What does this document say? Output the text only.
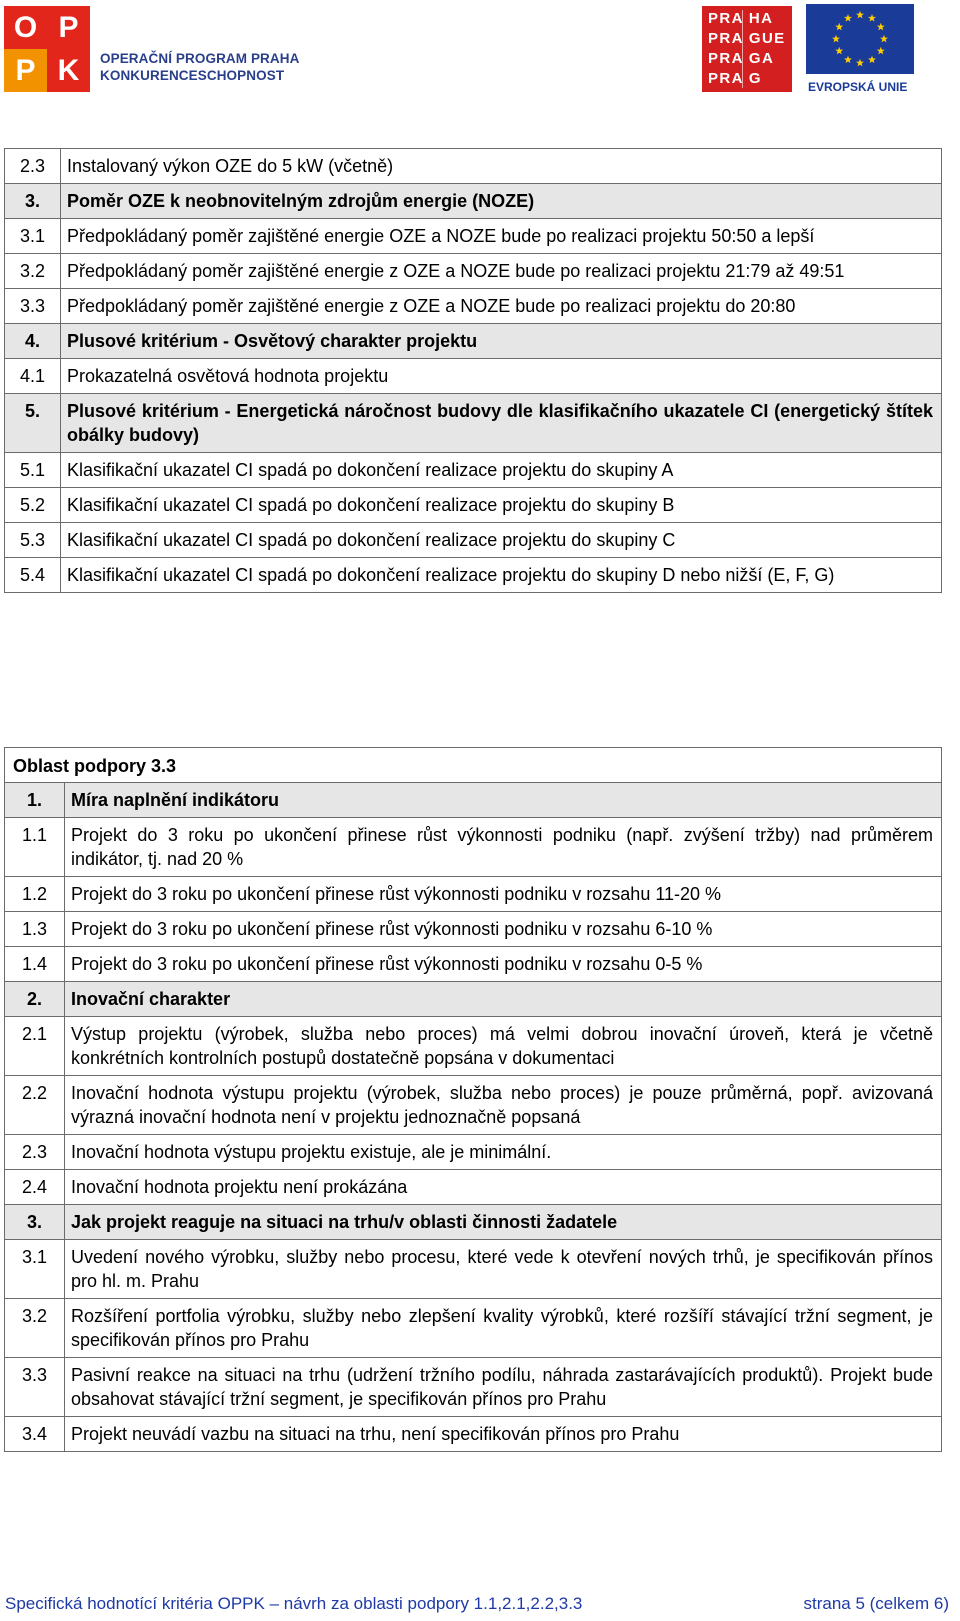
O P
P K	OPERAČNÍ PROGRAM PRAHA
KONKURENCESCHOPNOST
PRA HA
PRA GUE
PRA GA
PRA G	EVROPSKÁ UNIE
2.3	Instalovaný výkon OZE do 5 kW (včetně)
3.	Poměr OZE k neobnovitelným zdrojům energie (NOZE)
3.1	Předpokládaný poměr zajištěné energie OZE a NOZE bude po realizaci projektu 50:50 a lepší
3.2	Předpokládaný poměr zajištěné energie z OZE a NOZE bude po realizaci projektu 21:79 až 49:51
3.3	Předpokládaný poměr zajištěné energie z OZE a NOZE bude po realizaci projektu do 20:80
4.	Plusové kritérium - Osvětový charakter projektu
4.1	Prokazatelná osvětová hodnota projektu
5.	Plusové kritérium - Energetická náročnost budovy dle klasifikačního ukazatele CI (energetický štítek obálky budovy)
5.1	Klasifikační ukazatel CI spadá po dokončení realizace projektu do skupiny A
5.2	Klasifikační ukazatel CI spadá po dokončení realizace projektu do skupiny B
5.3	Klasifikační ukazatel CI spadá po dokončení realizace projektu do skupiny C
5.4	Klasifikační ukazatel CI spadá po dokončení realizace projektu do skupiny D nebo nižší (E, F, G)
Oblast podpory 3.3	
1.	Míra naplnění indikátoru
1.1	Projekt do 3 roku po ukončení přinese růst výkonnosti podniku (např. zvýšení tržby) nad průměrem indikátor, tj. nad 20 %
1.2	Projekt do 3 roku po ukončení přinese růst výkonnosti podniku v rozsahu 11-20 %
1.3	Projekt do 3 roku po ukončení přinese růst výkonnosti podniku v rozsahu 6-10 %
1.4	Projekt do 3 roku po ukončení přinese růst výkonnosti podniku v rozsahu 0-5 %
2.	Inovační charakter
2.1	Výstup projektu (výrobek, služba nebo proces) má velmi dobrou inovační úroveň, která je včetně konkrétních kontrolních postupů dostatečně popsána v dokumentaci
2.2	Inovační hodnota výstupu projektu (výrobek, služba nebo proces) je pouze průměrná, popř. avizovaná výrazná inovační hodnota není v projektu jednoznačně popsaná
2.3	Inovační hodnota výstupu projektu existuje, ale je minimální.
2.4	Inovační hodnota projektu není prokázána
3.	Jak projekt reaguje na situaci na trhu/v oblasti činnosti žadatele
3.1	Uvedení nového výrobku, služby nebo procesu, které vede k otevření nových trhů, je specifikován přínos pro hl. m. Prahu
3.2	Rozšíření portfolia výrobku, služby nebo zlepšení kvality výrobků, které rozšíří stávající tržní segment, je specifikován přínos pro Prahu
3.3	Pasivní reakce na situaci na trhu (udržení tržního podílu, náhrada zastarávajících produktů). Projekt bude obsahovat stávající tržní segment, je specifikován přínos pro Prahu
3.4	Projekt neuvádí vazbu na situaci na trhu, není specifikován přínos pro Prahu
Specifická hodnotící kritéria OPPK – návrh za oblasti podpory 1.1,2.1,2.2,3.3	strana 5 (celkem 6)
